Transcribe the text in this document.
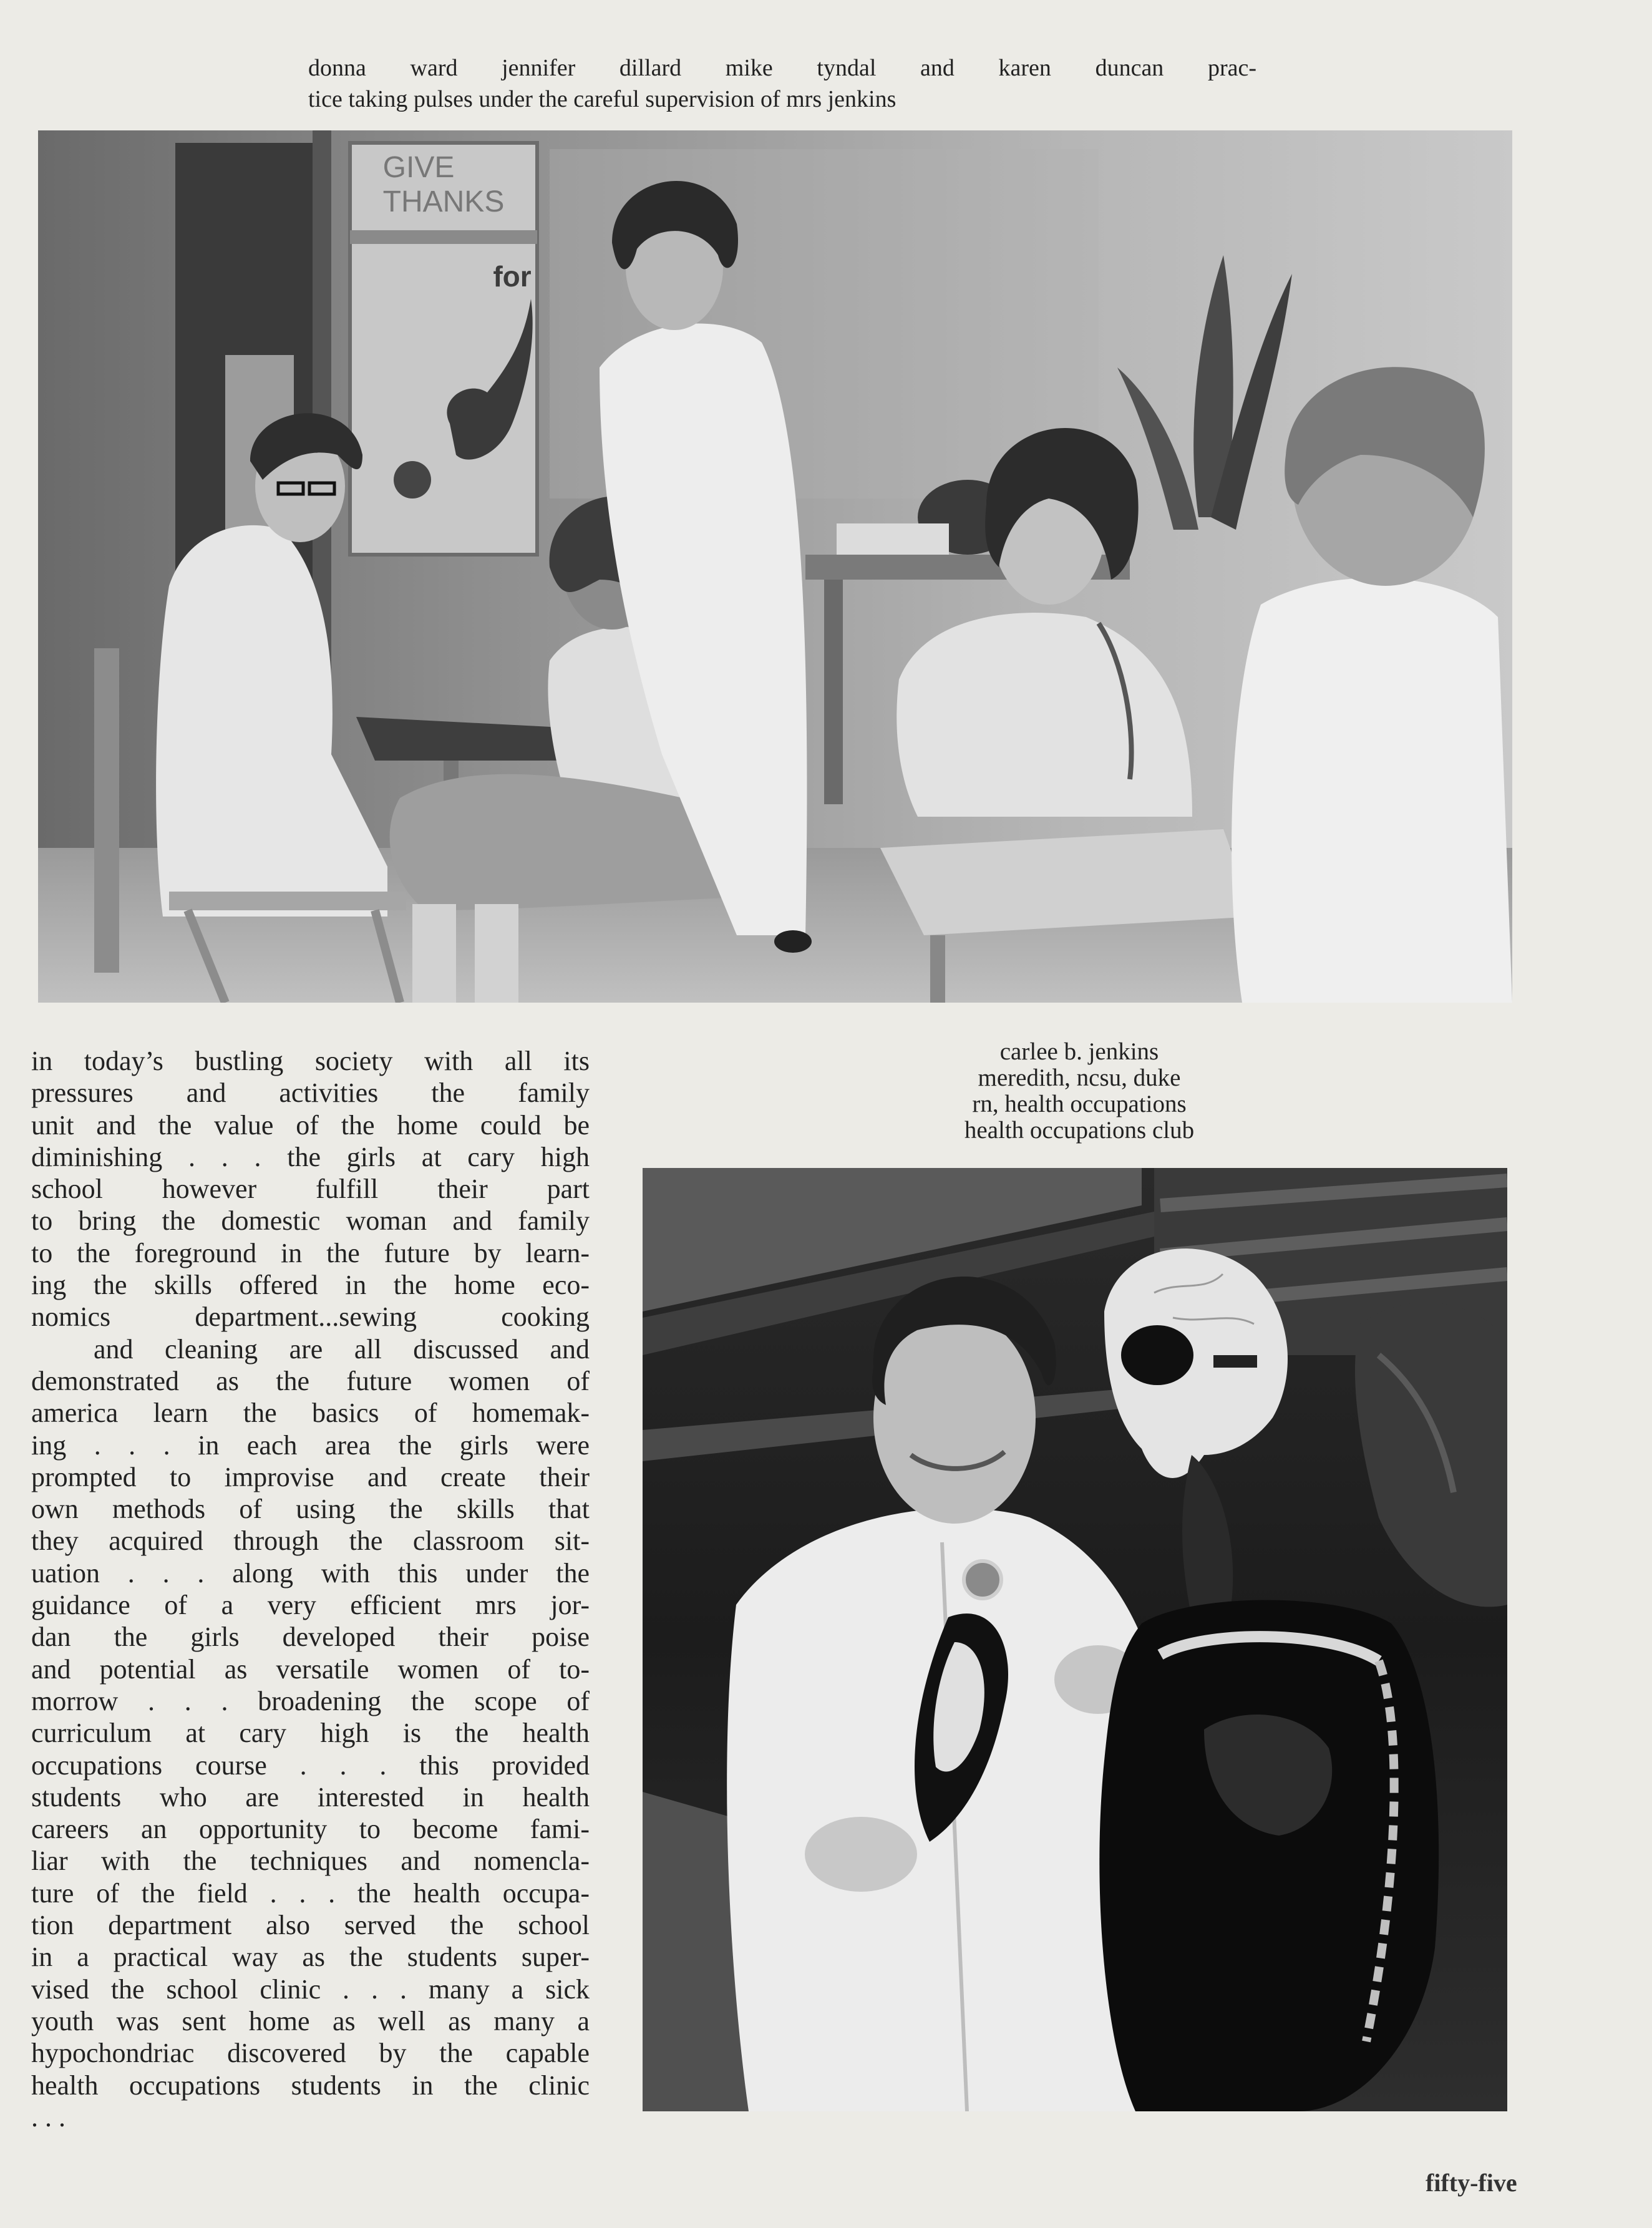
donna ward jennifer dillard mike tyndal and karen duncan prac-
tice taking pulses under the careful supervision of mrs jenkins
GIVE
THANKS
for
in today’s bustling society with all its
pressures and activities the family
unit and the value of the home could be
diminishing . . . the girls at cary high
school however fulfill their part
to bring the domestic woman and family
to the foreground in the future by learn-
ing the skills offered in the home eco-
nomics department...sewing cooking
and cleaning are all discussed and
demonstrated as the future women of
america learn the basics of homemak-
ing . . . in each area the girls were
prompted to improvise and create their
own methods of using the skills that
they acquired through the classroom sit-
uation . . . along with this under the
guidance of a very efficient mrs jor-
dan the girls developed their poise
and potential as versatile women of to-
morrow . . . broadening the scope of
curriculum at cary high is the health
occupations course . . . this provided
students who are interested in health
careers an opportunity to become fami-
liar with the techniques and nomencla-
ture of the field . . . the health occupa-
tion department also served the school
in a practical way as the students super-
vised the school clinic . . . many a sick
youth was sent home as well as many a
hypochondriac discovered by the capable
health occupations students in the clinic
. . .
carlee b. jenkins
meredith, ncsu, duke
rn, health occupations
health occupations club
fifty-five
